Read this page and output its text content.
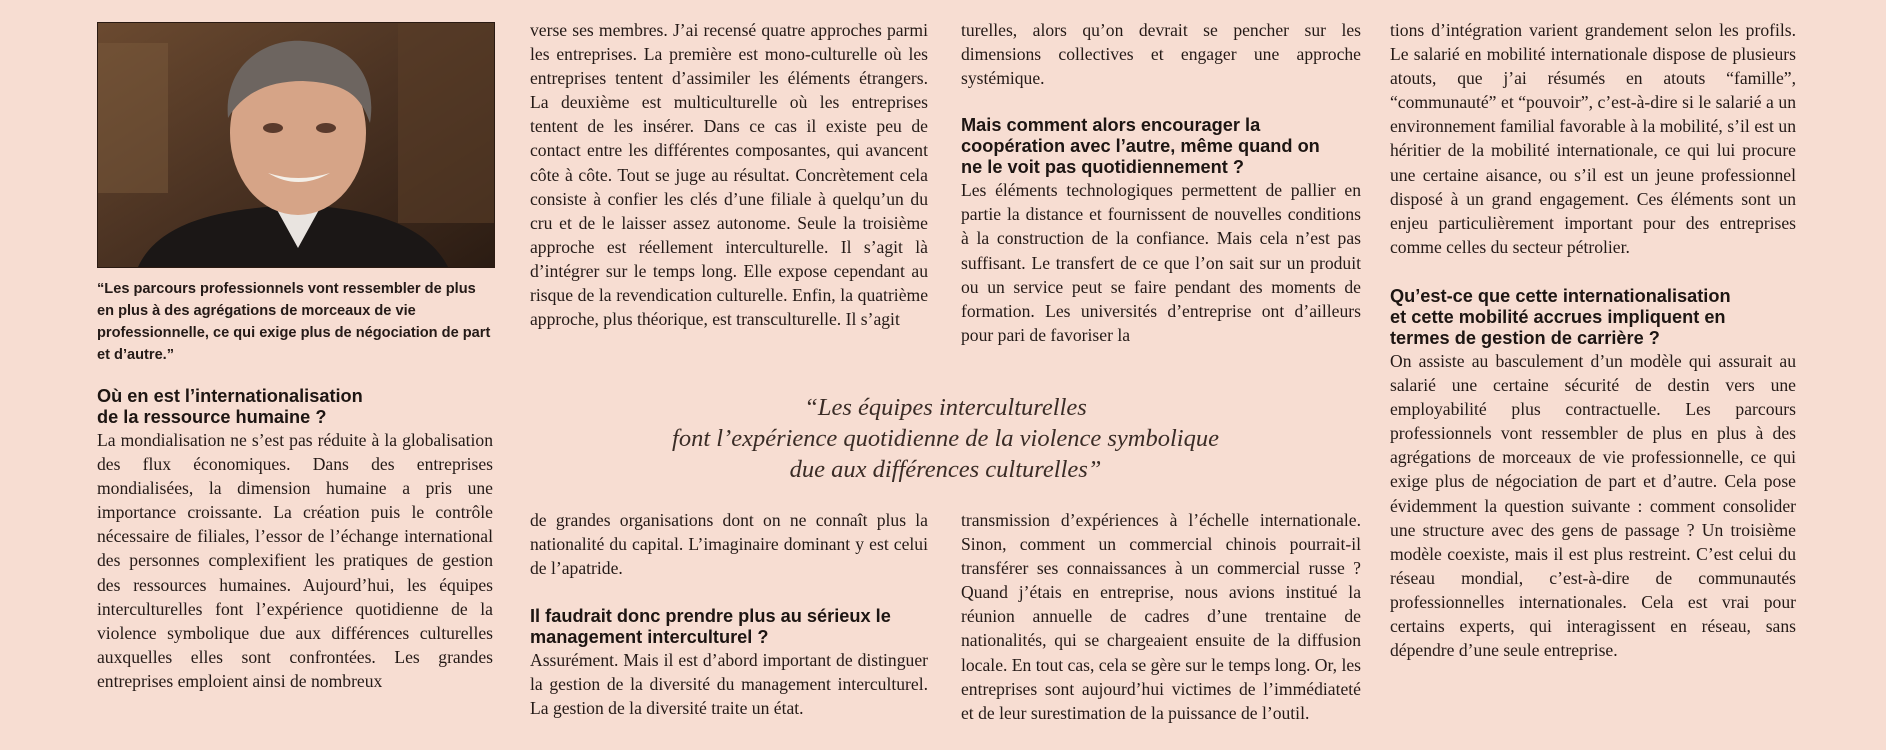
“Les parcours professionnels vont ressembler de plus en plus à des agrégations de morceaux de vie professionnelle, ce qui exige plus de négociation de part et d’autre.”

Où en est l’internationalisation de la ressource humaine ?

La mondialisation ne s’est pas réduite à la globalisation des flux économiques. Dans des entreprises mondialisées, la dimension humaine a pris une importance croissante. La création puis le contrôle nécessaire de filiales, l’essor de l’échange international des personnes complexifient les pratiques de gestion des ressources humaines. Aujourd’hui, les équipes interculturelles font l’expérience quotidienne de la violence symbolique due aux différences culturelles auxquelles elles sont confrontées. Les grandes entreprises emploient ainsi de nombreux

verse ses membres. J’ai recensé quatre approches parmi les entreprises. La première est mono-culturelle où les entreprises tentent d’assimiler les éléments étrangers. La deuxième est multiculturelle où les entreprises tentent de les insérer. Dans ce cas il existe peu de contact entre les différentes composantes, qui avancent côte à côte. Tout se juge au résultat. Concrètement cela consiste à confier les clés d’une filiale à quelqu’un du cru et de le laisser assez autonome. Seule la troisième approche est réellement interculturelle. Il s’agit là d’intégrer sur le temps long. Elle expose cependant au risque de la revendication culturelle. Enfin, la quatrième approche, plus théorique, est transculturelle. Il s’agit

de grandes organisations dont on ne connaît plus la nationalité du capital. L’imaginaire dominant y est celui de l’apatride.

Il faudrait donc prendre plus au sérieux le management interculturel ?

Assurément. Mais il est d’abord important de distinguer la gestion de la diversité du management interculturel. La gestion de la diversité traite un état.

turelles, alors qu’on devrait se pencher sur les dimensions collectives et engager une approche systémique.

Mais comment alors encourager la coopération avec l’autre, même quand on ne le voit pas quotidiennement ?

Les éléments technologiques permettent de pallier en partie la distance et fournissent de nouvelles conditions à la construction de la confiance. Mais cela n’est pas suffisant. Le transfert de ce que l’on sait sur un produit ou un service peut se faire pendant des moments de formation. Les universités d’entreprise ont d’ailleurs pour pari de favoriser la

transmission d’expériences à l’échelle internationale. Sinon, comment un commercial chinois pourrait-il transférer ses connaissances à un commercial russe ? Quand j’étais en entreprise, nous avions institué la réunion annuelle de cadres d’une trentaine de nationalités, qui se chargeaient ensuite de la diffusion locale. En tout cas, cela se gère sur le temps long. Or, les entreprises sont aujourd’hui victimes de l’immédiateté et de leur surestimation de la puissance de l’outil.

tions d’intégration varient grandement selon les profils. Le salarié en mobilité internationale dispose de plusieurs atouts, que j’ai résumés en atouts “famille”, “communauté” et “pouvoir”, c’est-à-dire si le salarié a un environnement familial favorable à la mobilité, s’il est un héritier de la mobilité internationale, ce qui lui procure une certaine aisance, ou s’il est un jeune professionnel disposé à un grand engagement. Ces éléments sont un enjeu particulièrement important pour des entreprises comme celles du secteur pétrolier.

Qu’est-ce que cette internationalisation et cette mobilité accrues impliquent en termes de gestion de carrière ?

On assiste au basculement d’un modèle qui assurait au salarié une certaine sécurité de destin vers une employabilité plus contractuelle. Les parcours professionnels vont ressembler de plus en plus à des agrégations de morceaux de vie professionnelle, ce qui exige plus de négociation de part et d’autre. Cela pose évidemment la question suivante : comment consolider une structure avec des gens de passage ? Un troisième modèle coexiste, mais il est plus restreint. C’est celui du réseau mondial, c’est-à-dire de communautés professionnelles internationales. Cela est vrai pour certains experts, qui interagissent en réseau, sans dépendre d’une seule entreprise.

“Les équipes interculturelles
font l’expérience quotidienne de la violence symbolique
due aux différences culturelles”
